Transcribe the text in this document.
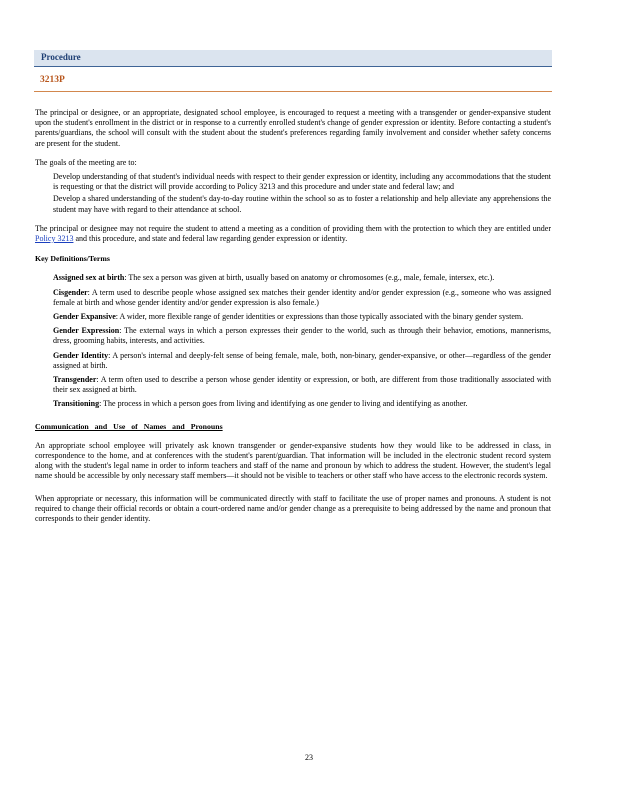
Procedure
3213P

The principal or designee, or an appropriate, designated school employee, is encouraged to request a meeting with a transgender or gender-expansive student upon the student's enrollment in the district or in response to a currently enrolled student's change of gender expression or identity. Before contacting a student's parents/guardians, the school will consult with the student about the student's preferences regarding family involvement and consider whether safety concerns are present for the student.

The goals of the meeting are to:

Develop understanding of that student's individual needs with respect to their gender expression or identity, including any accommodations that the student is requesting or that the district will provide according to Policy 3213 and this procedure and under state and federal law; and
Develop a shared understanding of the student's day-to-day routine within the school so as to foster a relationship and help alleviate any apprehensions the student may have with regard to their attendance at school.

The principal or designee may not require the student to attend a meeting as a condition of providing them with the protection to which they are entitled under Policy 3213 and this procedure, and state and federal law regarding gender expression or identity.

Key Definitions/Terms
Assigned sex at birth: The sex a person was given at birth, usually based on anatomy or chromosomes (e.g., male, female, intersex, etc.).
Cisgender: A term used to describe people whose assigned sex matches their gender identity and/or gender expression (e.g., someone who was assigned female at birth and whose gender identity and/or gender expression is also female.)
Gender Expansive: A wider, more flexible range of gender identities or expressions than those typically associated with the binary gender system.
Gender Expression: The external ways in which a person expresses their gender to the world, such as through their behavior, emotions, mannerisms, dress, grooming habits, interests, and activities.
Gender Identity: A person's internal and deeply-felt sense of being female, male, both, non-binary, gender-expansive, or other—regardless of the gender assigned at birth.
Transgender: A term often used to describe a person whose gender identity or expression, or both, are different from those traditionally associated with their sex assigned at birth.
Transitioning: The process in which a person goes from living and identifying as one gender to living and identifying as another.
Communication and Use of Names and Pronouns

An appropriate school employee will privately ask known transgender or gender-expansive students how they would like to be addressed in class, in correspondence to the home, and at conferences with the student's parent/guardian. That information will be included in the electronic student record system along with the student's legal name in order to inform teachers and staff of the name and pronoun by which to address the student. However, the student's legal name should be accessible by only necessary staff members—it should not be visible to teachers or other staff who have access to the electronic records system.

When appropriate or necessary, this information will be communicated directly with staff to facilitate the use of proper names and pronouns. A student is not required to change their official records or obtain a court-ordered name and/or gender change as a prerequisite to being addressed by the name and pronoun that corresponds to their gender identity.

23
